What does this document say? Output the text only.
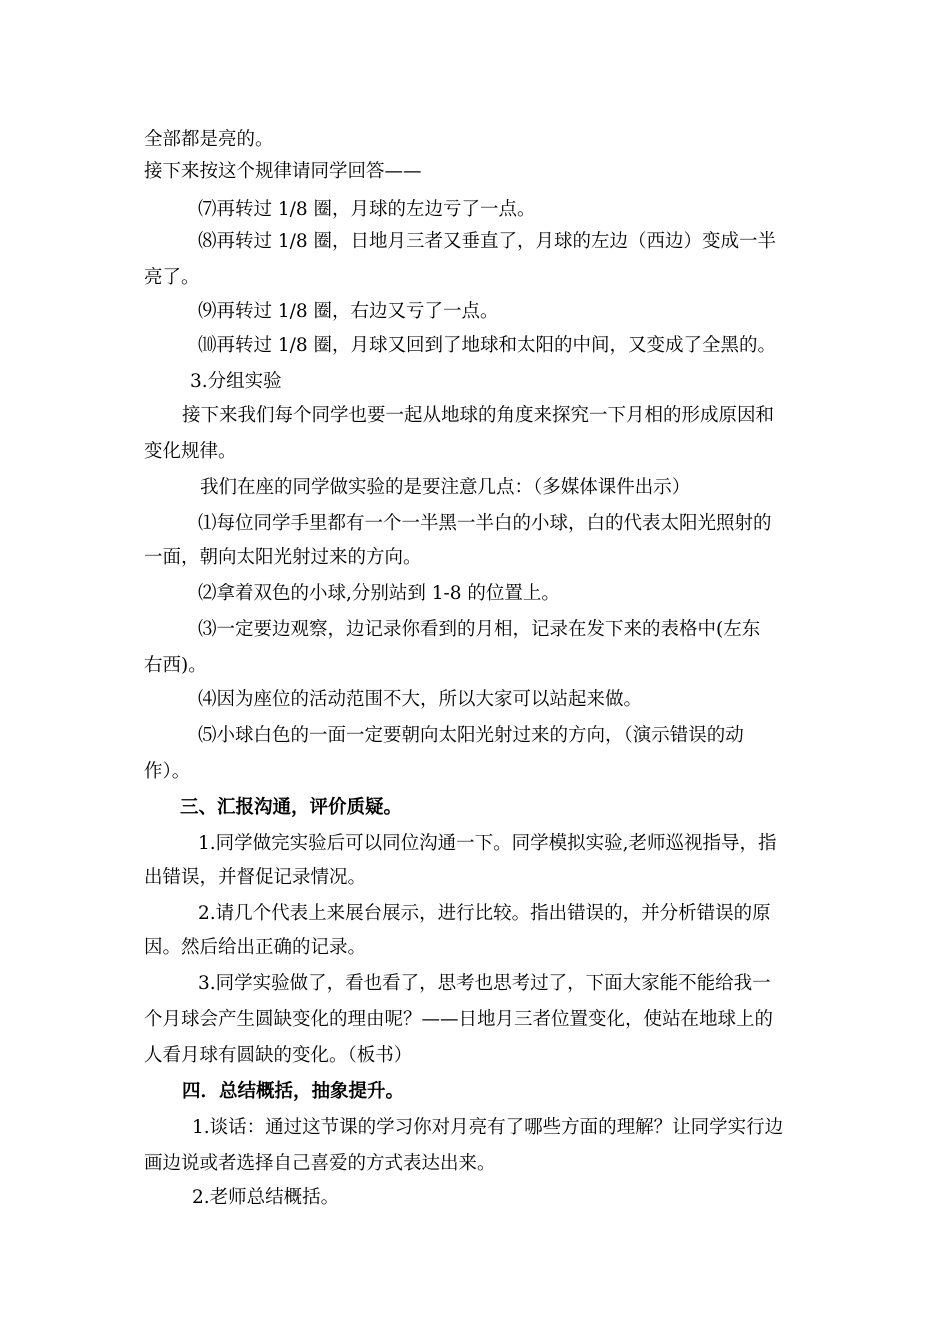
全部都是亮的。
接下来按这个规律请同学回答——
⑺再转过 1/8 圈，月球的左边亏了一点。
⑻再转过 1/8 圈，日地月三者又垂直了，月球的左边（西边）变成一半
亮了。
⑼再转过 1/8 圈，右边又亏了一点。
⑽再转过 1/8 圈，月球又回到了地球和太阳的中间，又变成了全黑的。
3.分组实验
接下来我们每个同学也要一起从地球的角度来探究一下月相的形成原因和
变化规律。
我们在座的同学做实验的是要注意几点：（多媒体课件出示）
⑴每位同学手里都有一个一半黑一半白的小球，白的代表太阳光照射的
一面，朝向太阳光射过来的方向。
⑵拿着双色的小球,分别站到 1-8 的位置上。
⑶一定要边观察，边记录你看到的月相，记录在发下来的表格中(左东
右西)。
⑷因为座位的活动范围不大，所以大家可以站起来做。
⑸小球白色的一面一定要朝向太阳光射过来的方向，（演示错误的动
作）。
三、汇报沟通，评价质疑。
1.同学做完实验后可以同位沟通一下。同学模拟实验,老师巡视指导，指
出错误，并督促记录情况。
2.请几个代表上来展台展示，进行比较。指出错误的，并分析错误的原
因。然后给出正确的记录。
3.同学实验做了，看也看了，思考也思考过了，下面大家能不能给我一
个月球会产生圆缺变化的理由呢？——日地月三者位置变化，使站在地球上的
人看月球有圆缺的变化。（板书）
四．总结概括，抽象提升。
1.谈话：通过这节课的学习你对月亮有了哪些方面的理解？让同学实行边
画边说或者选择自己喜爱的方式表达出来。
2.老师总结概括。
